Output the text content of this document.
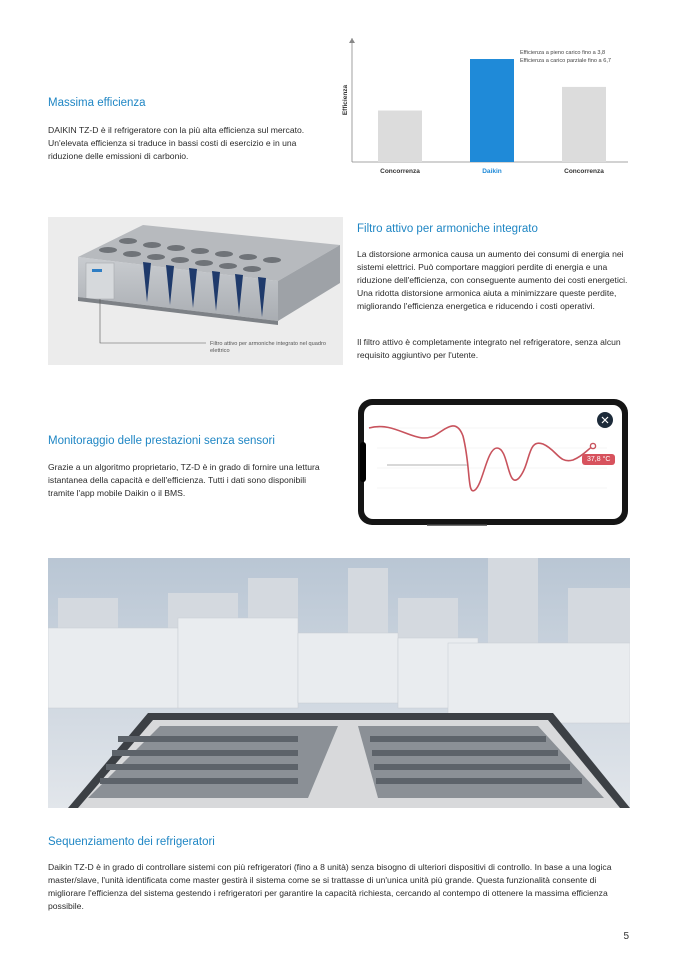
Massima efficienza

DAIKIN TZ-D è il refrigeratore con la più alta efficienza sul mercato. Un'elevata efficienza si traduce in bassi costi di esercizio e in una riduzione delle emissioni di carbonio.

Efficienza
Concorrenza	Daikin	Concorrenza
Efficienza a pieno carico fino a 3,8
Efficienza a carico parziale fino a 6,7
Filtro attivo per armoniche integrato nel quadro elettrico
Filtro attivo per armoniche integrato

La distorsione armonica causa un aumento dei consumi di energia nei sistemi elettrici. Può comportare maggiori perdite di energia e una riduzione dell'efficienza, con conseguente aumento dei costi energetici. Una ridotta distorsione armonica aiuta a minimizzare queste perdite, migliorando l'efficienza energetica e riducendo i costi operativi.

Il filtro attivo è completamente integrato nel refrigeratore, senza alcun requisito aggiuntivo per l'utente.

Monitoraggio delle prestazioni senza sensori

Grazie a un algoritmo proprietario, TZ-D è in grado di fornire una lettura istantanea della capacità e dell'efficienza. Tutti i dati sono disponibili tramite l'app mobile Daikin o il BMS.

37,8 °C
Sequenziamento dei refrigeratori

Daikin TZ-D è in grado di controllare sistemi con più refrigeratori (fino a 8 unità) senza bisogno di ulteriori dispositivi di controllo. In base a una logica master/slave, l'unità identificata come master gestirà il sistema come se si trattasse di un'unica unità più grande. Questa funzionalità consente di migliorare l'efficienza del sistema gestendo i refrigeratori per garantire la capacità richiesta, cercando al contempo di ottenere la massima efficienza possibile.

5
